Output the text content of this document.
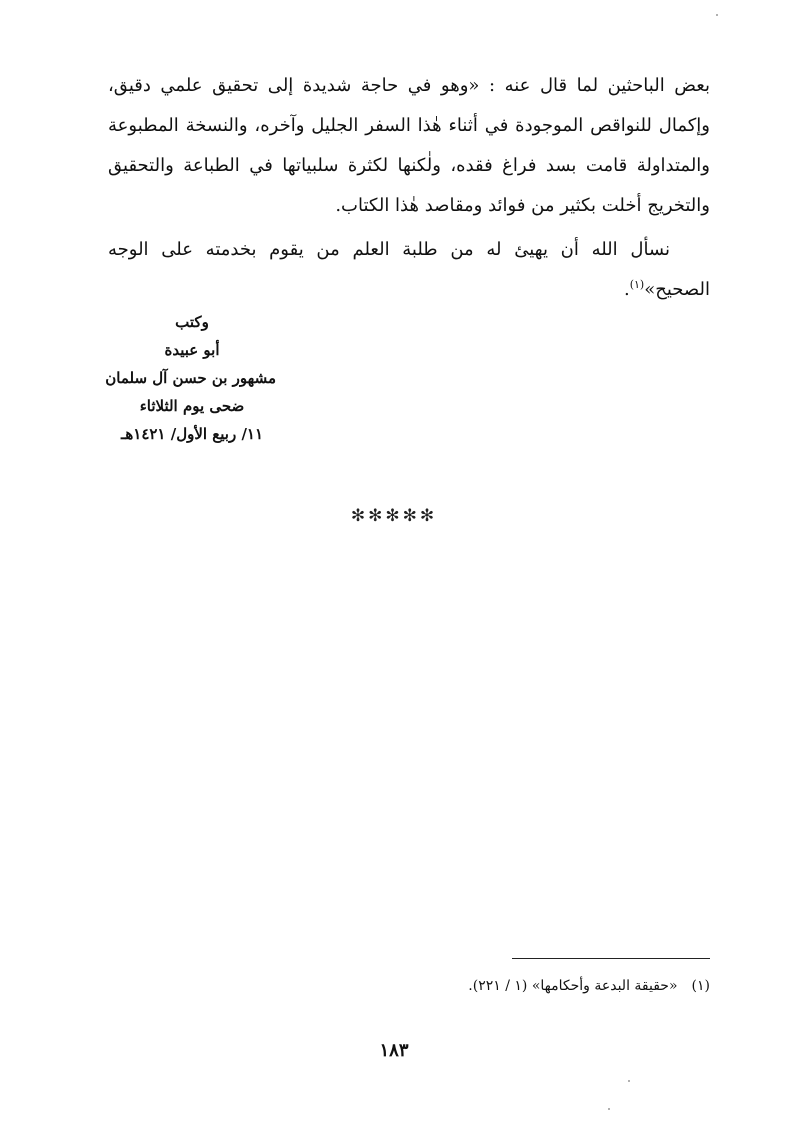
بعض الباحثين لما قال عنه : «وهو في حاجة شديدة إلى تحقيق علمي دقيق، وإكمال للنواقص الموجودة في أثناء هٰذا السفر الجليل وآخره، والنسخة المطبوعة والمتداولة قامت بسد فراغ فقده، ولٰكنها لكثرة سلبياتها في الطباعة والتحقيق والتخريج أخلت بكثير من فوائد ومقاصد هٰذا الكتاب.

نسأل الله أن يهيئ له من طلبة العلم من يقوم بخدمته على الوجه الصحيح»$^{(١)}$.

وكتب
أبو عبيدة
مشهور بن حسن آل سلمان
ضحى يوم الثلاثاء
١١/ ربيع الأول/ ١٤٢١هـ
✻✻✻✻✻
(١)«حقيقة البدعة وأحكامها» (١ / ٢٢١).
١٨٣
